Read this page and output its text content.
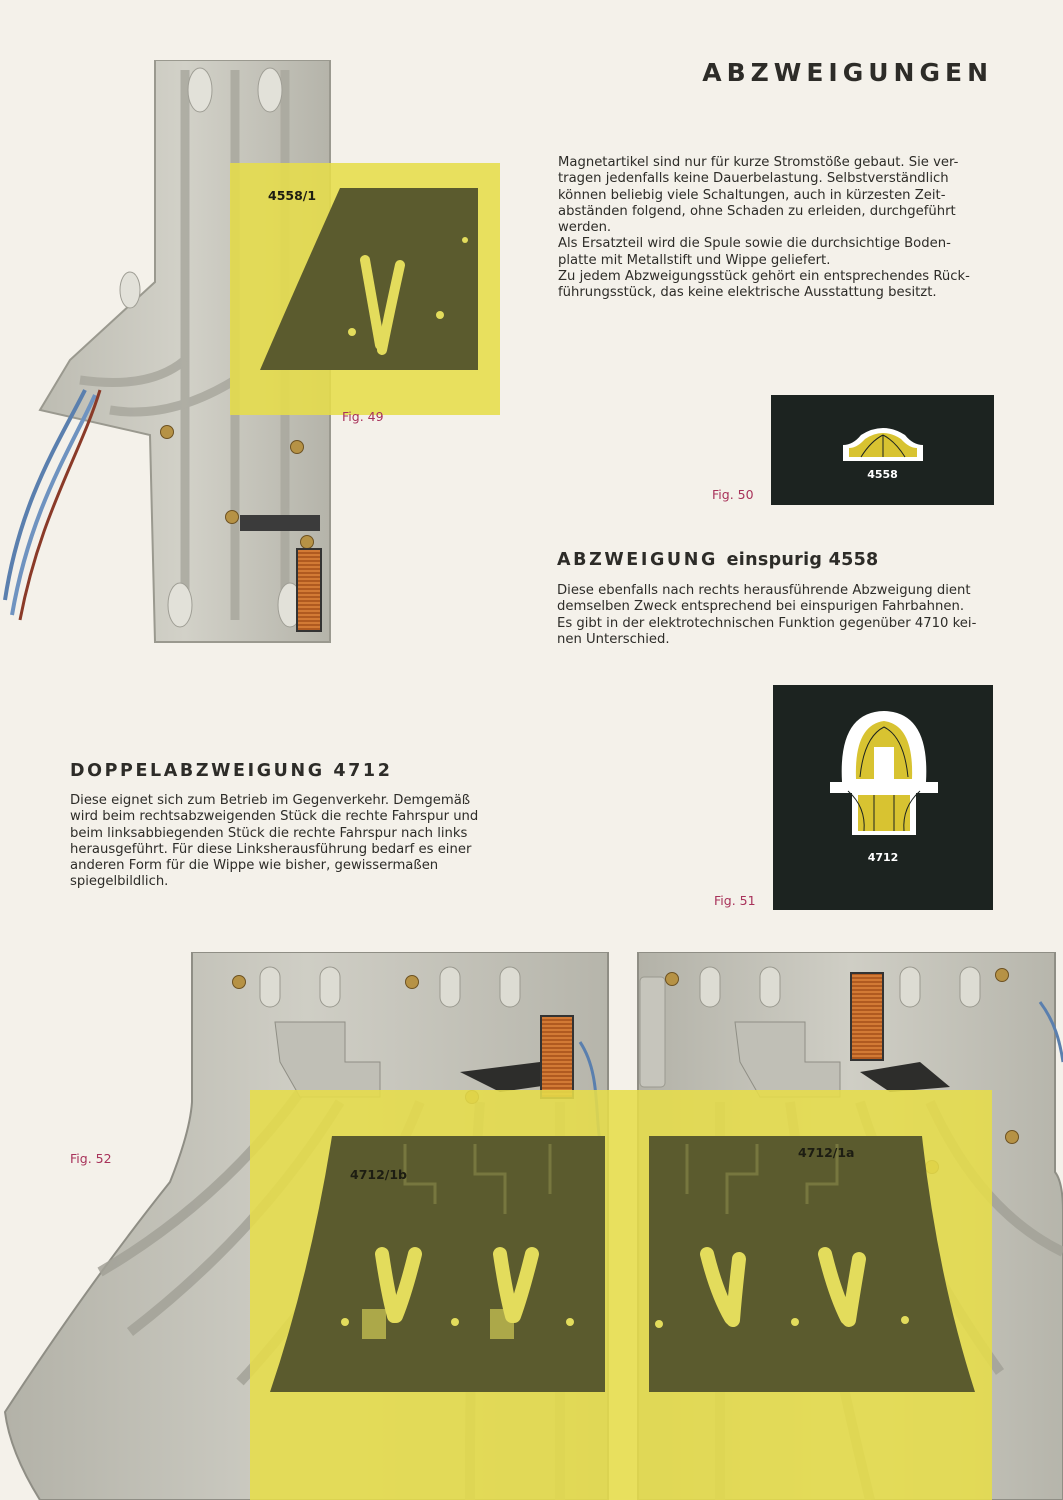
ABZWEIGUNGEN
Magnetartikel sind nur für kurze Stromstöße gebaut. Sie ver-
tragen jedenfalls keine Dauerbelastung. Selbstverständlich
können beliebig viele Schaltungen, auch in kürzesten Zeit-
abständen folgend, ohne Schaden zu erleiden, durchgeführt
werden.
Als Ersatzteil wird die Spule sowie die durchsichtige Boden-
platte mit Metallstift und Wippe geliefert.
Zu jedem Abzweigungsstück gehört ein entsprechendes Rück-
führungsstück, das keine elektrische Ausstattung besitzt.
4558/1
Fig. 49
Fig. 50
4558
ABZWEIGUNG einspurig 4558
Diese ebenfalls nach rechts herausführende Abzweigung dient
demselben Zweck entsprechend bei einspurigen Fahrbahnen.
Es gibt in der elektrotechnischen Funktion gegenüber 4710 kei-
nen Unterschied.
4712
Fig. 51
DOPPELABZWEIGUNG 4712
Diese eignet sich zum Betrieb im Gegenverkehr. Demgemäß
wird beim rechtsabzweigenden Stück die rechte Fahrspur und
beim linksabbiegenden Stück die rechte Fahrspur nach links
herausgeführt. Für diese Linksherausführung bedarf es einer
anderen Form für die Wippe wie bisher, gewissermaßen
spiegelbildlich.
Fig. 52
4712/1b
4712/1a
